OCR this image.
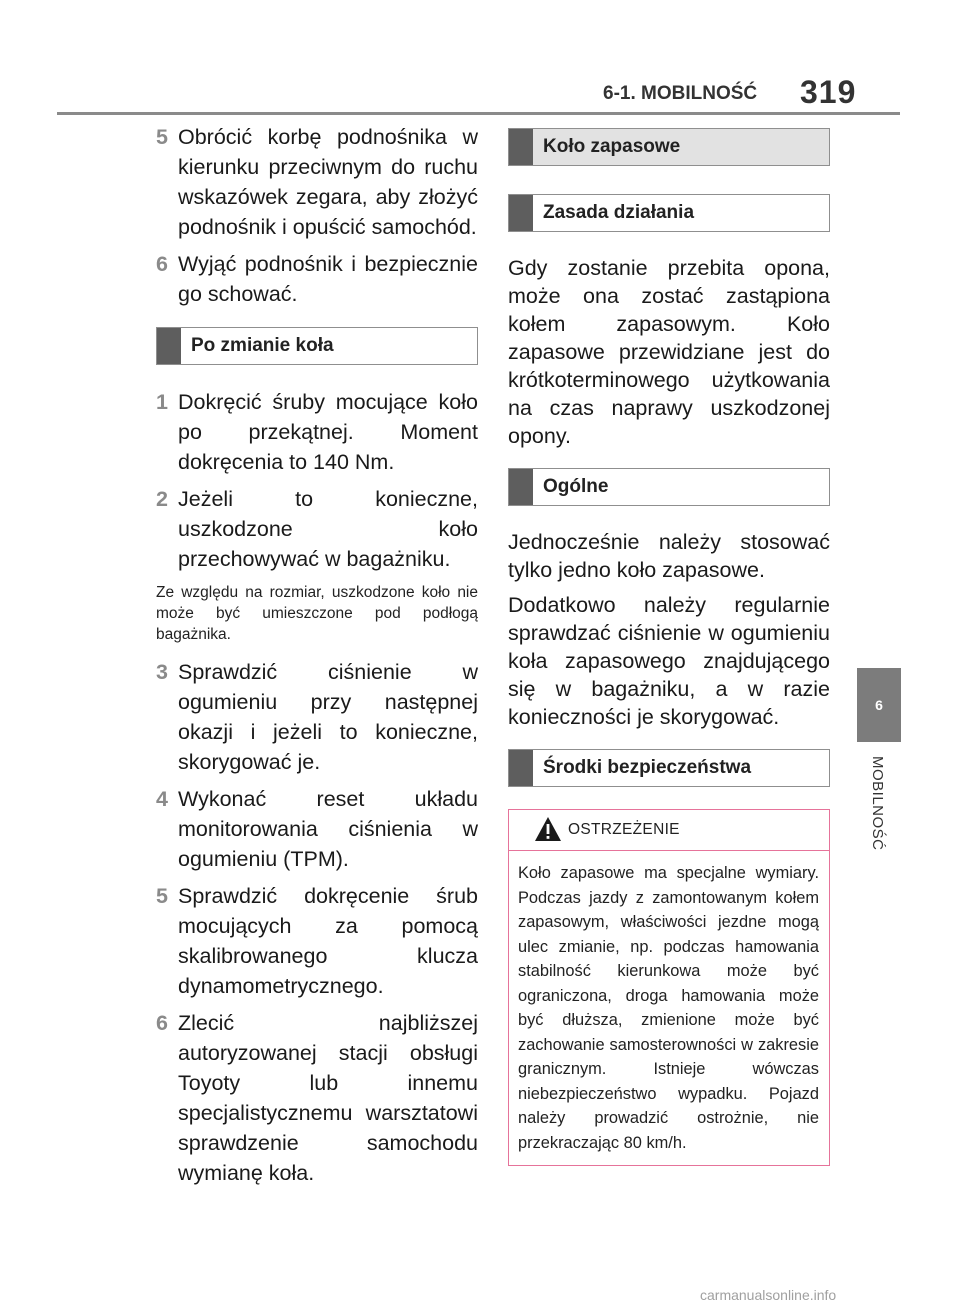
6-1. MOBILNOŚĆ 319
6
MOBILNOŚĆ
5 Obrócić korbę podnośnika w kierunku przeciwnym do ruchu wskazówek zegara, aby złożyć podnośnik i opuścić samochód.
6 Wyjąć podnośnik i bezpiecznie go schować.
Po zmianie koła
1 Dokręcić śruby mocujące koło po przekątnej. Moment dokręcenia to 140 Nm.
2 Jeżeli to konieczne, uszkodzone koło przechowywać w bagażniku.
Ze względu na rozmiar, uszkodzone koło nie może być umieszczone pod podłogą bagażnika.
3 Sprawdzić ciśnienie w ogumieniu przy następnej okazji i jeżeli to konieczne, skorygować je.
4 Wykonać reset układu monitorowania ciśnienia w ogumieniu (TPM).
5 Sprawdzić dokręcenie śrub mocujących za pomocą skalibrowanego klucza dynamometrycznego.
6 Zlecić najbliższej autoryzowanej stacji obsługi Toyoty lub innemu specjalistycznemu warsztatowi sprawdzenie samochodu wymianę koła.
Koło zapasowe
Zasada działania
Gdy zostanie przebita opona, może ona zostać zastąpiona kołem zapasowym. Koło zapasowe przewidziane jest do krótkoterminowego użytkowania na czas naprawy uszkodzonej opony.
Ogólne
Jednocześnie należy stosować tylko jedno koło zapasowe.
Dodatkowo należy regularnie sprawdzać ciśnienie w ogumieniu koła zapasowego znajdującego się w bagażniku, a w razie konieczności je skorygować.
Środki bezpieczeństwa
OSTRZEŻENIE
Koło zapasowe ma specjalne wymiary. Podczas jazdy z zamontowanym kołem zapasowym, właściwości jezdne mogą ulec zmianie, np. podczas hamowania stabilność kierunkowa może być ograniczona, droga hamowania może być dłuższa, zmienione może być zachowanie samosterowności w zakresie granicznym. Istnieje wówczas niebezpieczeństwo wypadku. Pojazd należy prowadzić ostrożnie, nie przekraczając 80 km/h.
carmanualsonline.info
